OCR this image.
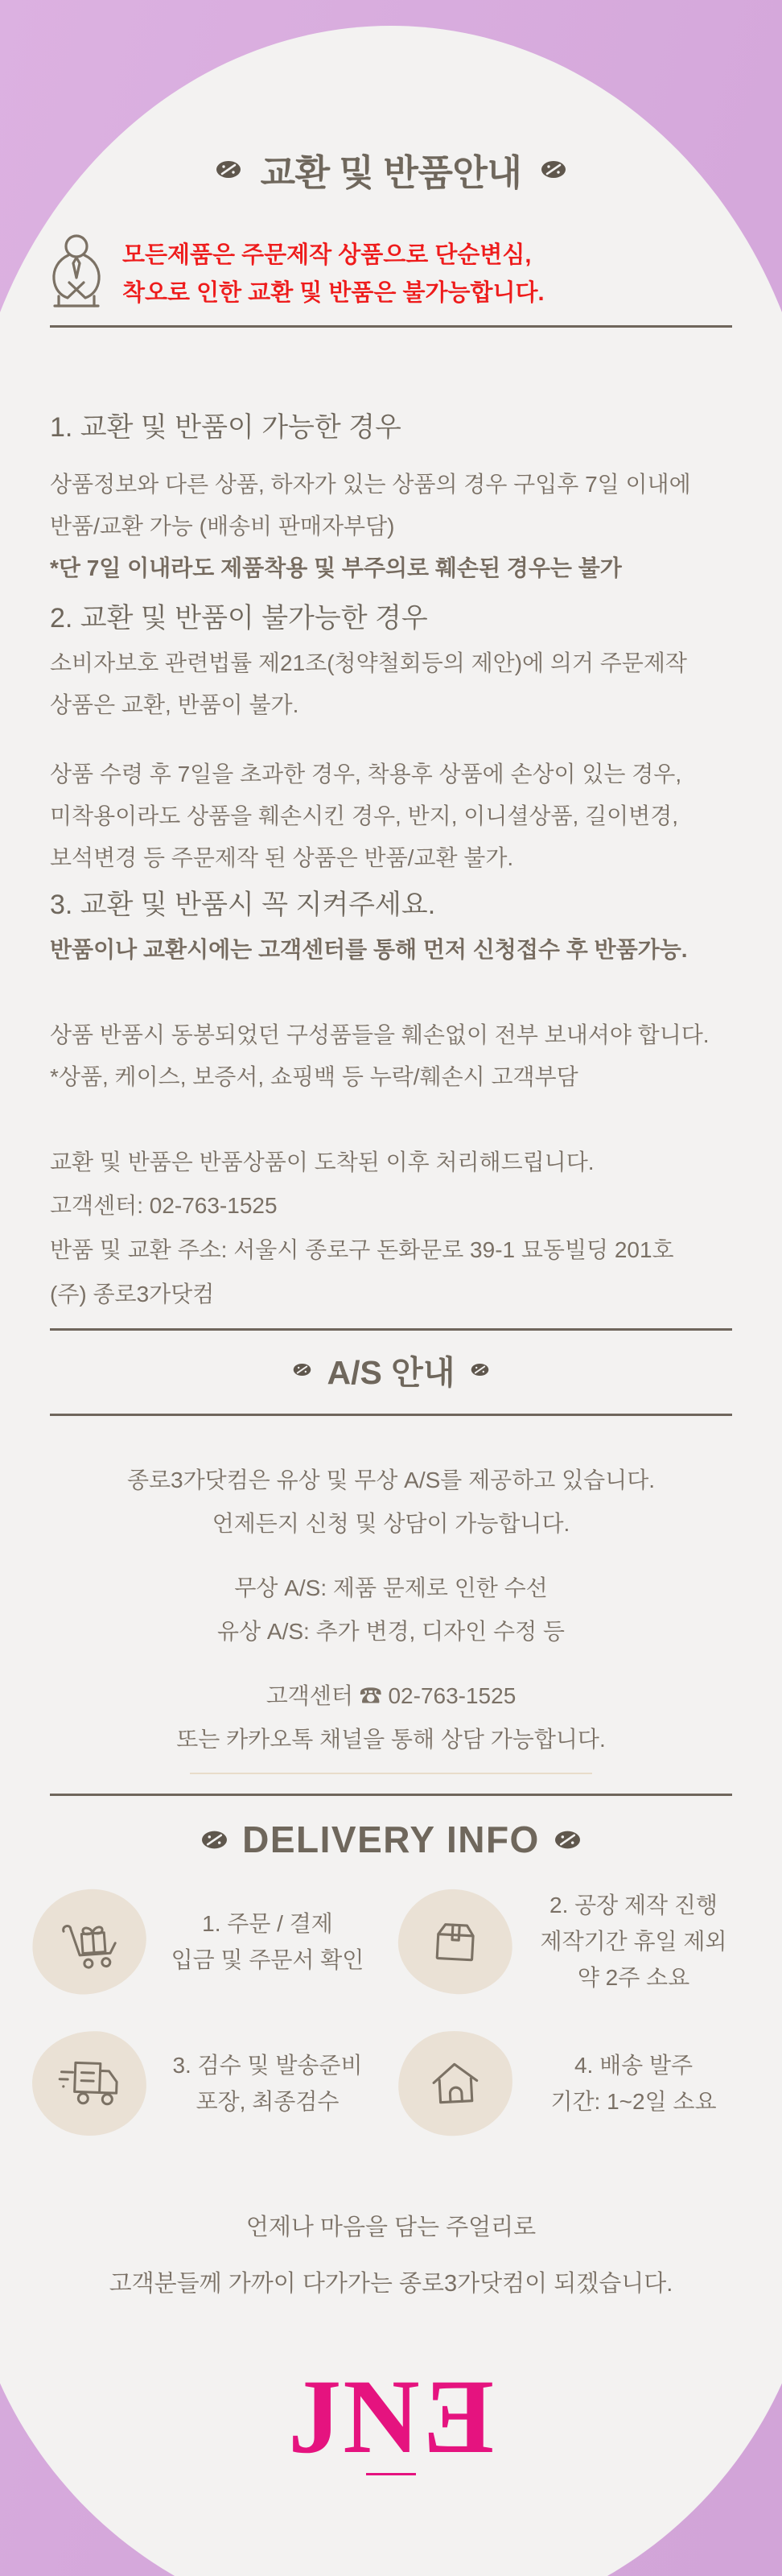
교환 및 반품안내

모든제품은 주문제작 상품으로 단순변심,

착오로 인한 교환 및 반품은 불가능합니다.

1. 교환 및 반품이 가능한 경우

상품정보와 다른 상품, 하자가 있는 상품의 경우 구입후 7일 이내에

반품/교환 가능 (배송비 판매자부담)

*단 7일 이내라도 제품착용 및 부주의로 훼손된 경우는 불가

2. 교환 및 반품이 불가능한 경우

소비자보호 관련법률 제21조(청약철회등의 제안)에 의거 주문제작

상품은 교환, 반품이 불가.

상품 수령 후 7일을 초과한 경우, 착용후 상품에 손상이 있는 경우,

미착용이라도 상품을 훼손시킨 경우, 반지, 이니셜상품, 길이변경,

보석변경 등 주문제작 된 상품은 반품/교환 불가.

3. 교환 및 반품시 꼭 지켜주세요.

반품이나 교환시에는 고객센터를 통해 먼저 신청접수 후 반품가능.

상품 반품시 동봉되었던 구성품들을 훼손없이 전부 보내셔야 합니다.

*상품, 케이스, 보증서, 쇼핑백 등 누락/훼손시 고객부담

교환 및 반품은 반품상품이 도착된 이후 처리해드립니다.

고객센터: 02-763-1525

반품 및 교환 주소: 서울시 종로구 돈화문로 39-1 묘동빌딩 201호

(주) 종로3가닷컴

A/S 안내

종로3가닷컴은 유상 및 무상 A/S를 제공하고 있습니다.

언제든지 신청 및 상담이 가능합니다.

무상 A/S: 제품 문제로 인한 수선

유상 A/S: 추가 변경, 디자인 수정 등

고객센터 ☎ 02-763-1525

또는 카카오톡 채널을 통해 상담 가능합니다.

DELIVERY INFO

1. 주문 / 결제

입금 및 주문서 확인

2. 공장 제작 진행

제작기간 휴일 제외

약 2주 소요

3. 검수 및 발송준비

포장, 최종검수

4. 배송 발주

기간: 1~2일 소요

언제나 마음을 담는 주얼리로

고객분들께 가까이 다가가는 종로3가닷컴이 되겠습니다.

JNE
